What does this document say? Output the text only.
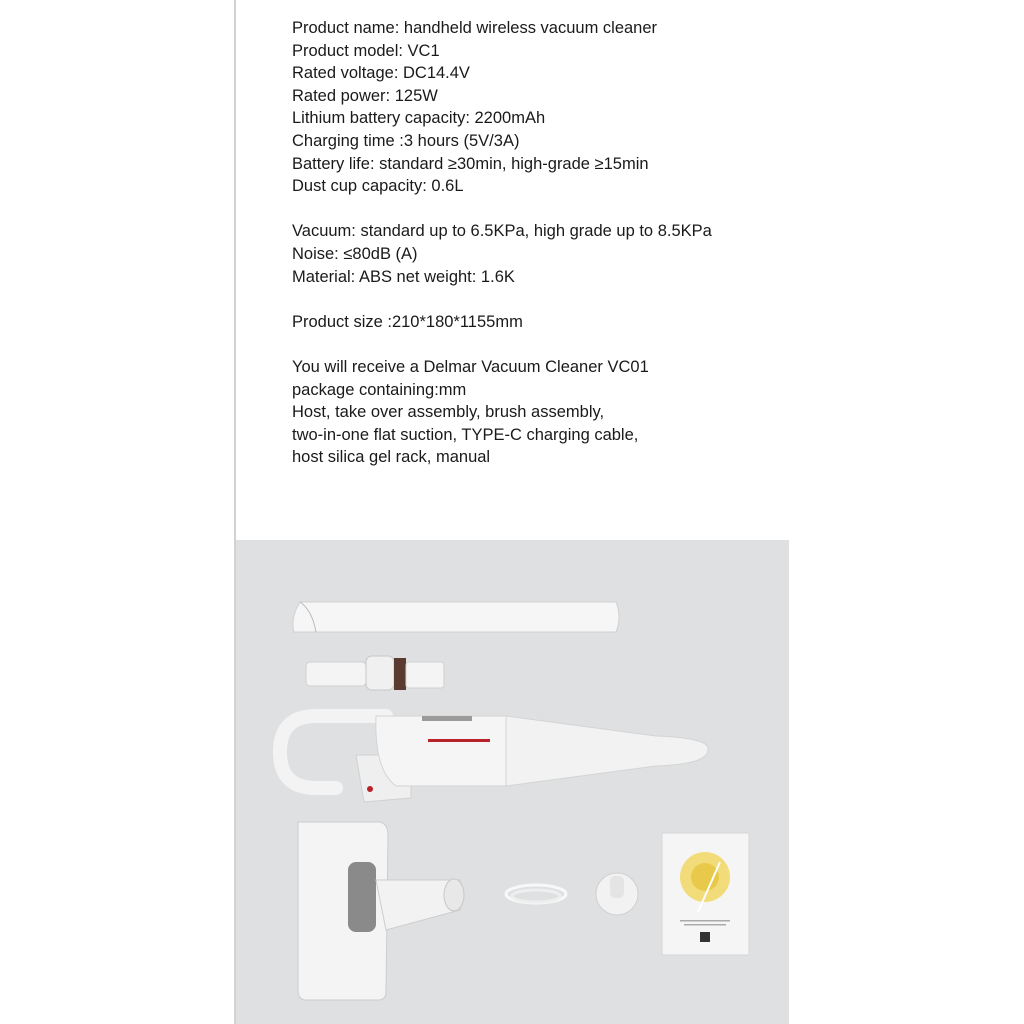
Product name: handheld wireless vacuum cleaner

Product model: VC1

Rated voltage: DC14.4V

Rated power: 125W

Lithium battery capacity: 2200mAh

Charging time :3 hours (5V/3A)

Battery life: standard ≥30min, high-grade ≥15min

Dust cup capacity: 0.6L

Vacuum: standard up to 6.5KPa, high grade up to 8.5KPa

Noise: ≤80dB (A)

Material: ABS net weight: 1.6K

Product size :210*180*1155mm

You will receive a Delmar Vacuum Cleaner VC01

package containing:mm

Host, take over assembly, brush assembly,

two-in-one flat suction, TYPE-C charging cable,

host silica gel rack, manual
